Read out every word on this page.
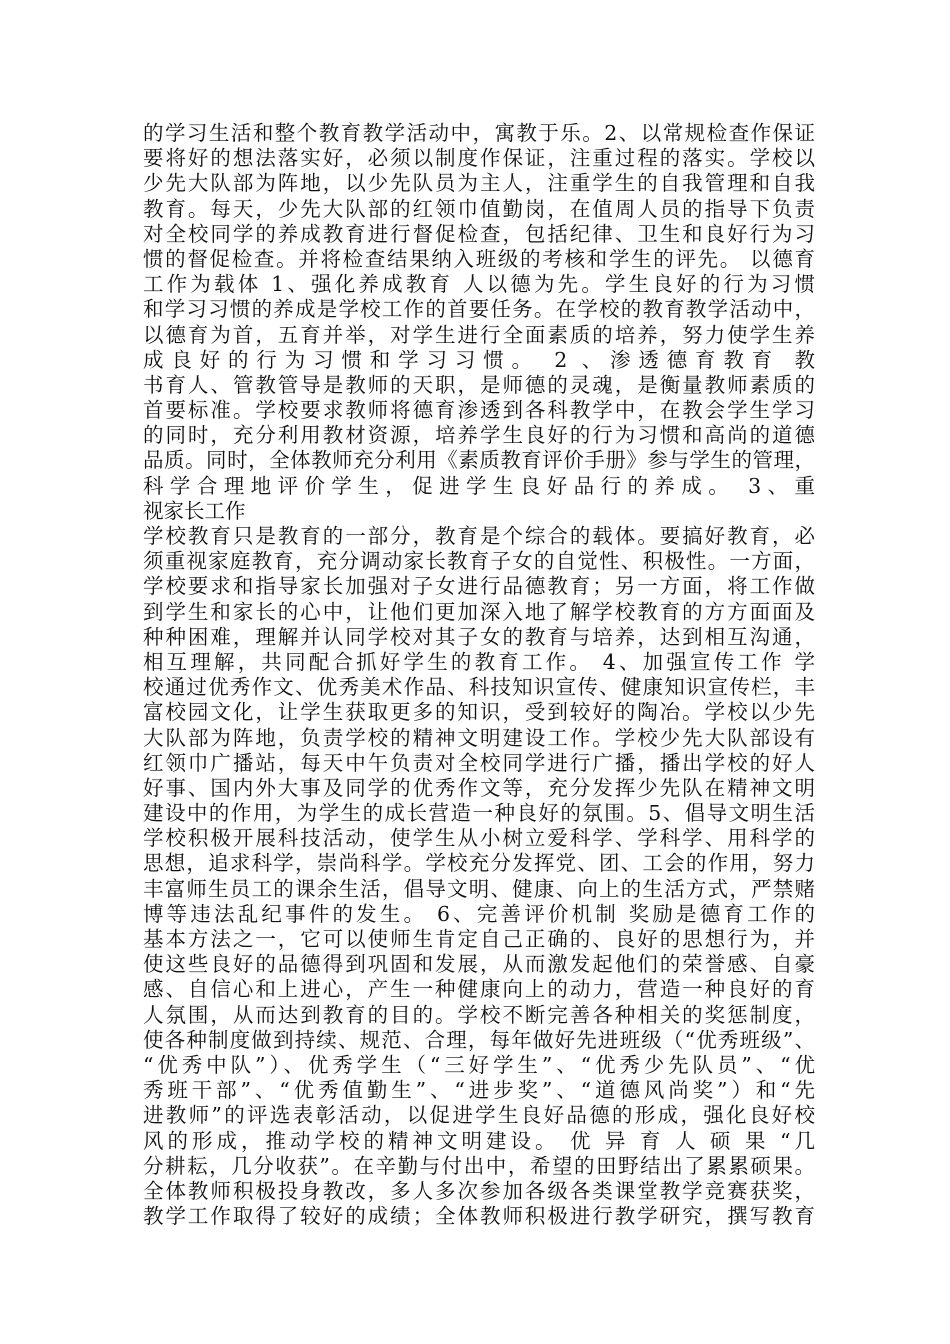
的学习生活和整个教育教学活动中，寓教于乐。2、以常规检查作保证
要将好的想法落实好，必须以制度作保证，注重过程的落实。学校以
少先大队部为阵地，以少先队员为主人，注重学生的自我管理和自我
教育。每天，少先大队部的红领巾值勤岗，在值周人员的指导下负责
对全校同学的养成教育进行督促检查，包括纪律、卫生和良好行为习
惯的督促检查。并将检查结果纳入班级的考核和学生的评先。 以德育
工作为载体 1、强化养成教育 人以德为先。学生良好的行为习惯
和学习习惯的养成是学校工作的首要任务。在学校的教育教学活动中，
以德育为首，五育并举，对学生进行全面素质的培养，努力使学生养
成良好的行为习惯和学习习惯。 2 、渗透德育教育 教
书育人、管教管导是教师的天职，是师德的灵魂，是衡量教师素质的
首要标准。学校要求教师将德育渗透到各科教学中，在教会学生学习
的同时，充分利用教材资源，培养学生良好的行为习惯和高尚的道德
品质。同时，全体教师充分利用《素质教育评价手册》参与学生的管理，
科学合理地评价学生，促进学生良好品行的养成。 3、重
视家长工作
学校教育只是教育的一部分，教育是个综合的载体。要搞好教育，必
须重视家庭教育，充分调动家长教育子女的自觉性、积极性。一方面，
学校要求和指导家长加强对子女进行品德教育；另一方面，将工作做
到学生和家长的心中，让他们更加深入地了解学校教育的方方面面及
种种困难，理解并认同学校对其子女的教育与培养，达到相互沟通，
相互理解，共同配合抓好学生的教育工作。 4、加强宣传工作 学
校通过优秀作文、优秀美术作品、科技知识宣传、健康知识宣传栏，丰
富校园文化，让学生获取更多的知识，受到较好的陶冶。学校以少先
大队部为阵地，负责学校的精神文明建设工作。学校少先大队部设有
红领巾广播站，每天中午负责对全校同学进行广播，播出学校的好人
好事、国内外大事及同学的优秀作文等，充分发挥少先队在精神文明
建设中的作用，为学生的成长营造一种良好的氛围。5、倡导文明生活
学校积极开展科技活动，使学生从小树立爱科学、学科学、用科学的
思想，追求科学，崇尚科学。学校充分发挥党、团、工会的作用，努力
丰富师生员工的课余生活，倡导文明、健康、向上的生活方式，严禁赌
博等违法乱纪事件的发生。 6、完善评价机制 奖励是德育工作的
基本方法之一，它可以使师生肯定自己正确的、良好的思想行为，并
使这些良好的品德得到巩固和发展，从而激发起他们的荣誉感、自豪
感、自信心和上进心，产生一种健康向上的动力，营造一种良好的育
人氛围，从而达到教育的目的。学校不断完善各种相关的奖惩制度，
使各种制度做到持续、规范、合理，每年做好先进班级（“优秀班级”、
“优秀中队”）、优秀学生（“三好学生”、“优秀少先队员”、“优
秀班干部”、“优秀值勤生”、“进步奖”、“道德风尚奖”）和“先
进教师”的评选表彰活动，以促进学生良好品德的形成，强化良好校
风的形成，推动学校的精神文明建设。 优 异 育 人 硕 果 “几
分耕耘，几分收获”。在辛勤与付出中，希望的田野结出了累累硕果。
全体教师积极投身教改，多人多次参加各级各类课堂教学竞赛获奖，
教学工作取得了较好的成绩；全体教师积极进行教学研究，撰写教育
